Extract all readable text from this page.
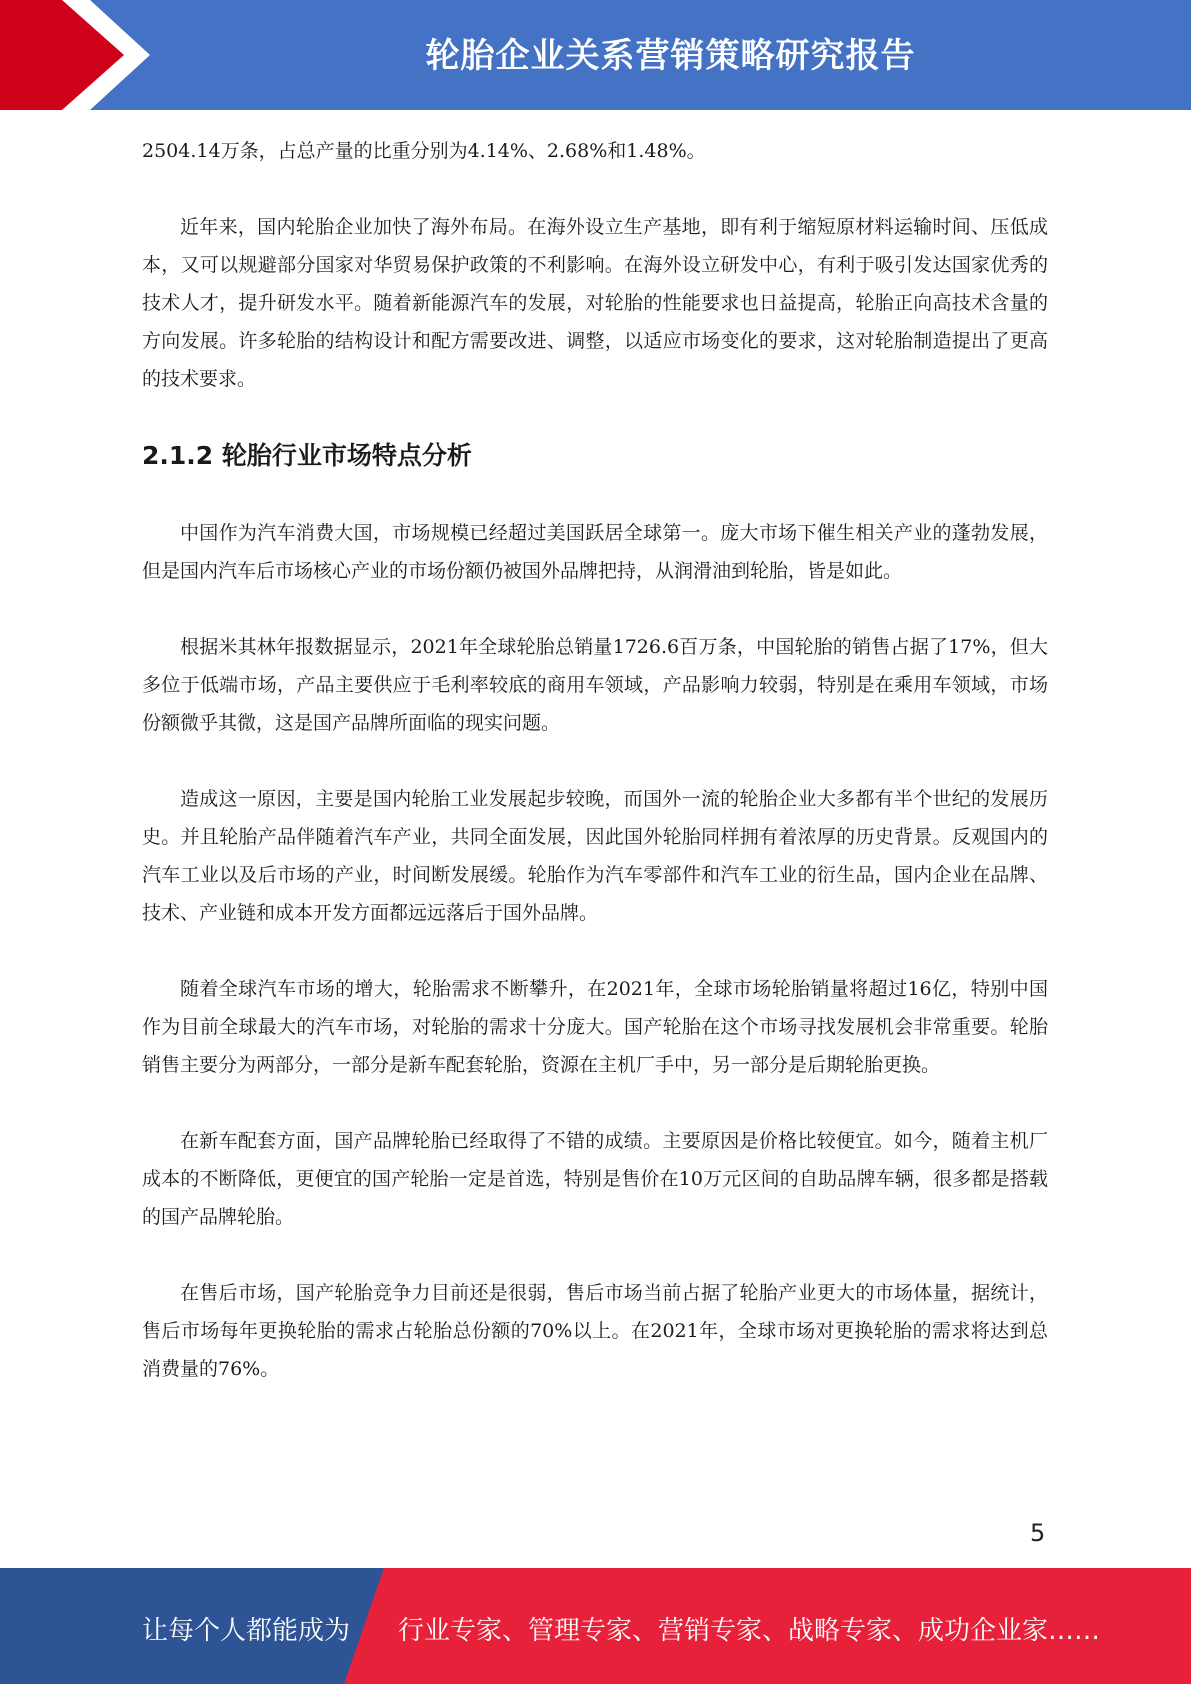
轮胎企业关系营销策略研究报告

2504.14万条，占总产量的比重分别为4.14%、2.68%和1.48%。

近年来，国内轮胎企业加快了海外布局。在海外设立生产基地，即有利于缩短原材料运输时间、压低成本，又可以规避部分国家对华贸易保护政策的不利影响。在海外设立研发中心，有利于吸引发达国家优秀的技术人才，提升研发水平。随着新能源汽车的发展，对轮胎的性能要求也日益提高，轮胎正向高技术含量的方向发展。许多轮胎的结构设计和配方需要改进、调整，以适应市场变化的要求，这对轮胎制造提出了更高的技术要求。

2.1.2 轮胎行业市场特点分析

中国作为汽车消费大国，市场规模已经超过美国跃居全球第一。庞大市场下催生相关产业的蓬勃发展，但是国内汽车后市场核心产业的市场份额仍被国外品牌把持，从润滑油到轮胎，皆是如此。

根据米其林年报数据显示，2021年全球轮胎总销量1726.6百万条，中国轮胎的销售占据了17%，但大多位于低端市场，产品主要供应于毛利率较底的商用车领域，产品影响力较弱，特别是在乘用车领域，市场份额微乎其微，这是国产品牌所面临的现实问题。

造成这一原因，主要是国内轮胎工业发展起步较晚，而国外一流的轮胎企业大多都有半个世纪的发展历史。并且轮胎产品伴随着汽车产业，共同全面发展，因此国外轮胎同样拥有着浓厚的历史背景。反观国内的汽车工业以及后市场的产业，时间断发展缓。轮胎作为汽车零部件和汽车工业的衍生品，国内企业在品牌、技术、产业链和成本开发方面都远远落后于国外品牌。

随着全球汽车市场的增大，轮胎需求不断攀升，在2021年，全球市场轮胎销量将超过16亿，特别中国作为目前全球最大的汽车市场，对轮胎的需求十分庞大。国产轮胎在这个市场寻找发展机会非常重要。轮胎销售主要分为两部分，一部分是新车配套轮胎，资源在主机厂手中，另一部分是后期轮胎更换。

在新车配套方面，国产品牌轮胎已经取得了不错的成绩。主要原因是价格比较便宜。如今，随着主机厂成本的不断降低，更便宜的国产轮胎一定是首选，特别是售价在10万元区间的自助品牌车辆，很多都是搭载的国产品牌轮胎。

在售后市场，国产轮胎竞争力目前还是很弱，售后市场当前占据了轮胎产业更大的市场体量，据统计，售后市场每年更换轮胎的需求占轮胎总份额的70%以上。在2021年，全球市场对更换轮胎的需求将达到总消费量的76%。

5
让每个人都能成为 行业专家、管理专家、营销专家、战略专家、成功企业家……
